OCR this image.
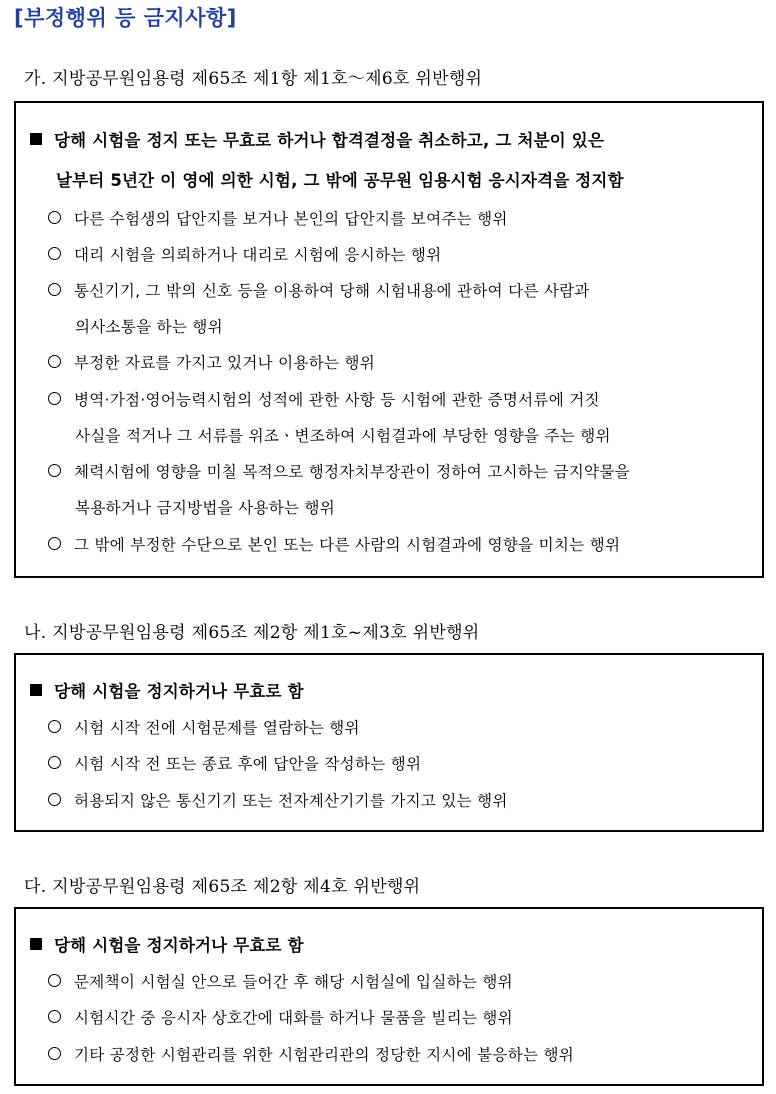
[부정행위 등 금지사항]
가. 지방공무원임용령 제65조 제1항 제1호～제6호 위반행위
당해 시험을 정지 또는 무효로 하거나 합격결정을 취소하고, 그 처분이 있은
날부터 5년간 이 영에 의한 시험, 그 밖에 공무원 임용시험 응시자격을 정지함
다른 수험생의 답안지를 보거나 본인의 답안지를 보여주는 행위
대리 시험을 의뢰하거나 대리로 시험에 응시하는 행위
통신기기, 그 밖의 신호 등을 이용하여 당해 시험내용에 관하여 다른 사람과
의사소통을 하는 행위
부정한 자료를 가지고 있거나 이용하는 행위
병역·가점·영어능력시험의 성적에 관한 사항 등 시험에 관한 증명서류에 거짓
사실을 적거나 그 서류를 위조ㆍ변조하여 시험결과에 부당한 영향을 주는 행위
체력시험에 영향을 미칠 목적으로 행정자치부장관이 정하여 고시하는 금지약물을
복용하거나 금지방법을 사용하는 행위
그 밖에 부정한 수단으로 본인 또는 다른 사람의 시험결과에 영향을 미치는 행위
나. 지방공무원임용령 제65조 제2항 제1호~제3호 위반행위
당해 시험을 정지하거나 무효로 함
시험 시작 전에 시험문제를 열람하는 행위
시험 시작 전 또는 종료 후에 답안을 작성하는 행위
허용되지 않은 통신기기 또는 전자계산기기를 가지고 있는 행위
다. 지방공무원임용령 제65조 제2항 제4호 위반행위
당해 시험을 정지하거나 무효로 함
문제책이 시험실 안으로 들어간 후 해당 시험실에 입실하는 행위
시험시간 중 응시자 상호간에 대화를 하거나 물품을 빌리는 행위
기타 공정한 시험관리를 위한 시험관리관의 정당한 지시에 불응하는 행위
